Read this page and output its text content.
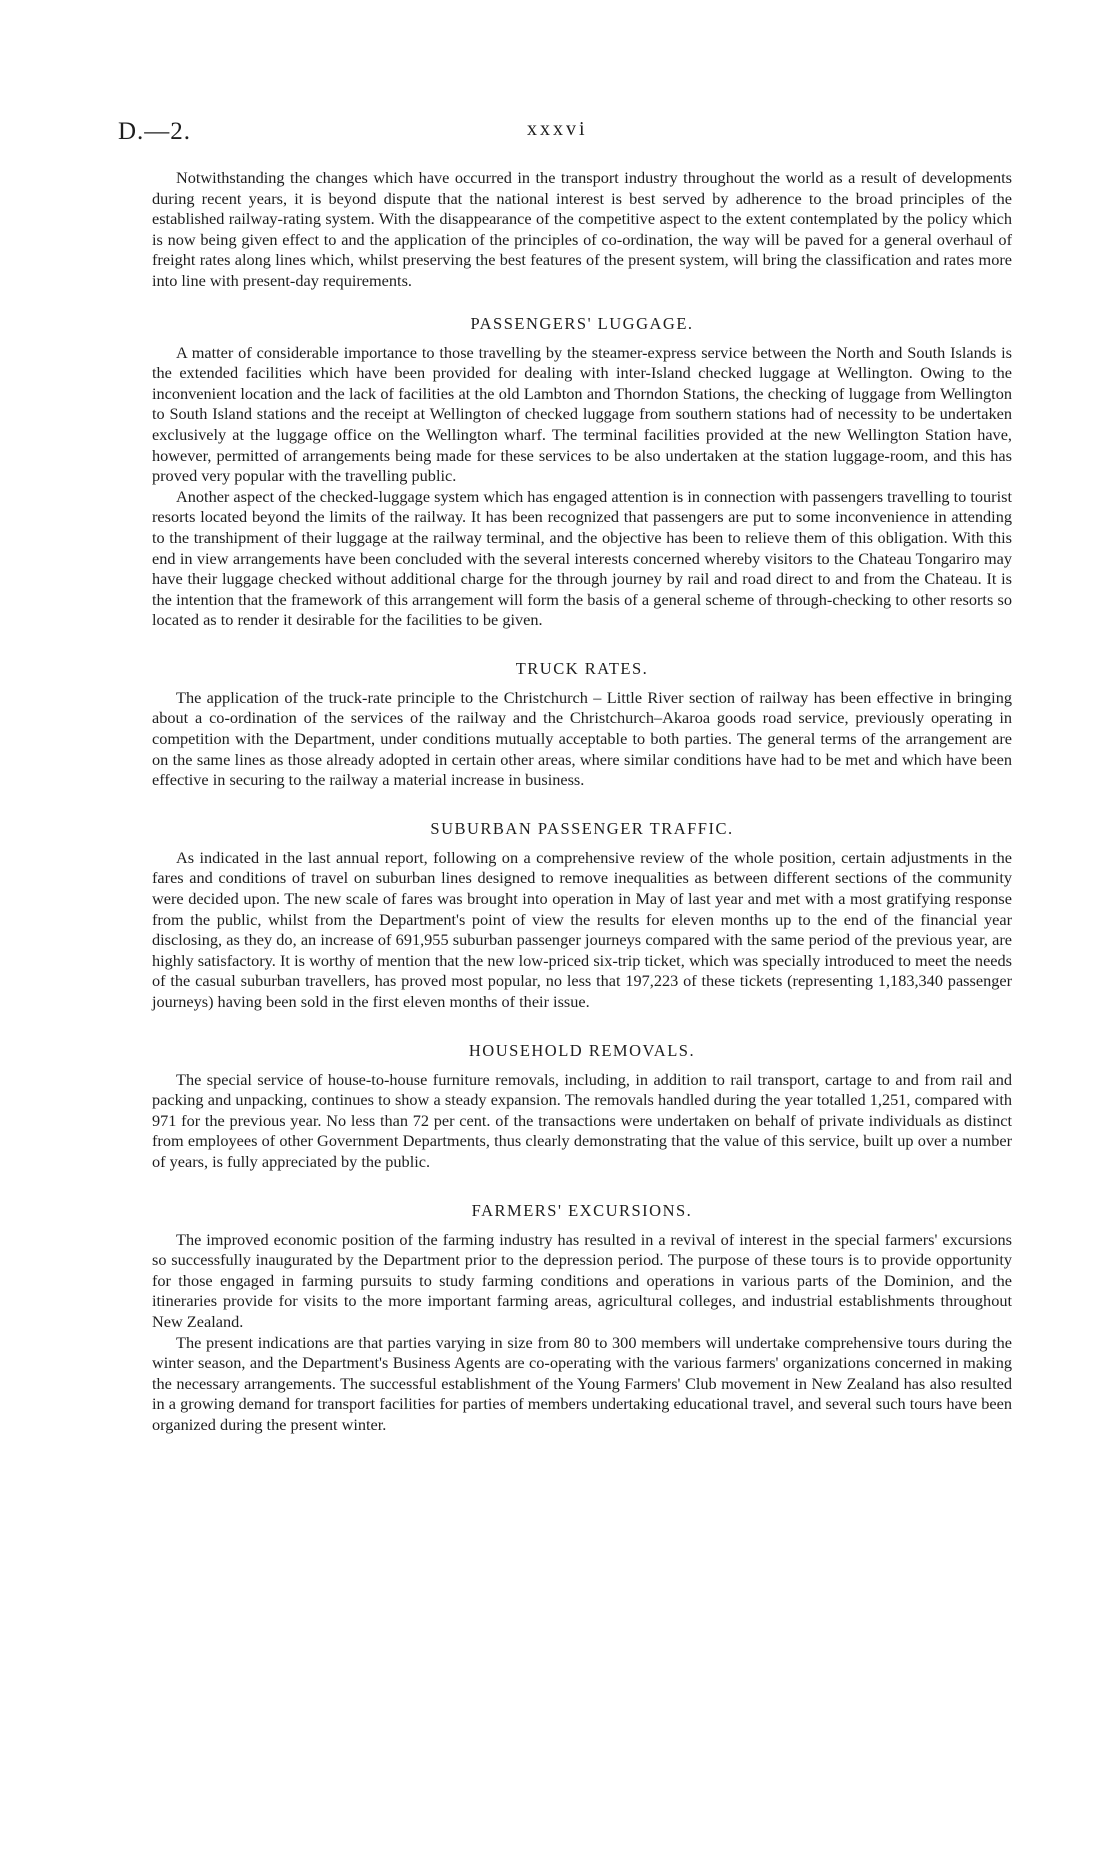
D.—2.	xxxvi

Notwithstanding the changes which have occurred in the transport industry throughout the world as a result of developments during recent years, it is beyond dispute that the national interest is best served by adherence to the broad principles of the established railway-rating system. With the disappearance of the competitive aspect to the extent contemplated by the policy which is now being given effect to and the application of the principles of co-ordination, the way will be paved for a general overhaul of freight rates along lines which, whilst preserving the best features of the present system, will bring the classification and rates more into line with present-day requirements.

PASSENGERS' LUGGAGE.

A matter of considerable importance to those travelling by the steamer-express service between the North and South Islands is the extended facilities which have been provided for dealing with inter-Island checked luggage at Wellington. Owing to the inconvenient location and the lack of facilities at the old Lambton and Thorndon Stations, the checking of luggage from Wellington to South Island stations and the receipt at Wellington of checked luggage from southern stations had of necessity to be undertaken exclusively at the luggage office on the Wellington wharf. The terminal facilities provided at the new Wellington Station have, however, permitted of arrangements being made for these services to be also undertaken at the station luggage-room, and this has proved very popular with the travelling public.

Another aspect of the checked-luggage system which has engaged attention is in connection with passengers travelling to tourist resorts located beyond the limits of the railway. It has been recognized that passengers are put to some inconvenience in attending to the transhipment of their luggage at the railway terminal, and the objective has been to relieve them of this obligation. With this end in view arrangements have been concluded with the several interests concerned whereby visitors to the Chateau Tongariro may have their luggage checked without additional charge for the through journey by rail and road direct to and from the Chateau. It is the intention that the framework of this arrangement will form the basis of a general scheme of through-checking to other resorts so located as to render it desirable for the facilities to be given.

TRUCK RATES.

The application of the truck-rate principle to the Christchurch – Little River section of railway has been effective in bringing about a co-ordination of the services of the railway and the Christchurch–Akaroa goods road service, previously operating in competition with the Department, under conditions mutually acceptable to both parties. The general terms of the arrangement are on the same lines as those already adopted in certain other areas, where similar conditions have had to be met and which have been effective in securing to the railway a material increase in business.

SUBURBAN PASSENGER TRAFFIC.

As indicated in the last annual report, following on a comprehensive review of the whole position, certain adjustments in the fares and conditions of travel on suburban lines designed to remove inequalities as between different sections of the community were decided upon. The new scale of fares was brought into operation in May of last year and met with a most gratifying response from the public, whilst from the Department's point of view the results for eleven months up to the end of the financial year disclosing, as they do, an increase of 691,955 suburban passenger journeys compared with the same period of the previous year, are highly satisfactory. It is worthy of mention that the new low-priced six-trip ticket, which was specially introduced to meet the needs of the casual suburban travellers, has proved most popular, no less that 197,223 of these tickets (representing 1,183,340 passenger journeys) having been sold in the first eleven months of their issue.

HOUSEHOLD REMOVALS.

The special service of house-to-house furniture removals, including, in addition to rail transport, cartage to and from rail and packing and unpacking, continues to show a steady expansion. The removals handled during the year totalled 1,251, compared with 971 for the previous year. No less than 72 per cent. of the transactions were undertaken on behalf of private individuals as distinct from employees of other Government Departments, thus clearly demonstrating that the value of this service, built up over a number of years, is fully appreciated by the public.

FARMERS' EXCURSIONS.

The improved economic position of the farming industry has resulted in a revival of interest in the special farmers' excursions so successfully inaugurated by the Department prior to the depression period. The purpose of these tours is to provide opportunity for those engaged in farming pursuits to study farming conditions and operations in various parts of the Dominion, and the itineraries provide for visits to the more important farming areas, agricultural colleges, and industrial establishments throughout New Zealand.

The present indications are that parties varying in size from 80 to 300 members will undertake comprehensive tours during the winter season, and the Department's Business Agents are co-operating with the various farmers' organizations concerned in making the necessary arrangements. The successful establishment of the Young Farmers' Club movement in New Zealand has also resulted in a growing demand for transport facilities for parties of members undertaking educational travel, and several such tours have been organized during the present winter.
